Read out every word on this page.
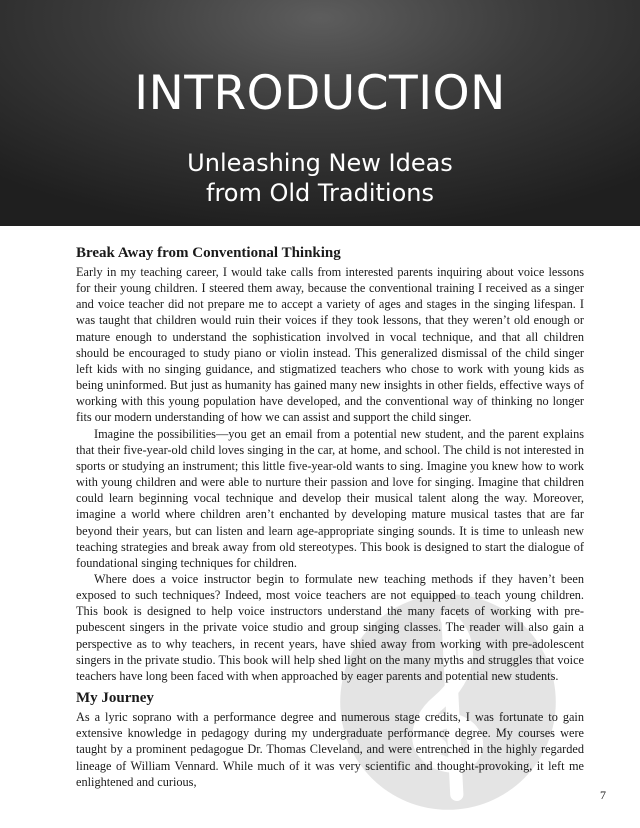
INTRODUCTION
Unleashing New Ideas
from Old Traditions
Break Away from Conventional Thinking

Early in my teaching career, I would take calls from interested parents inquiring about voice lessons for their young children. I steered them away, because the conventional training I received as a singer and voice teacher did not prepare me to accept a variety of ages and stages in the singing lifespan. I was taught that children would ruin their voices if they took lessons, that they weren’t old enough or mature enough to understand the sophistication involved in vocal technique, and that all children should be encouraged to study piano or violin instead. This generalized dismissal of the child singer left kids with no singing guidance, and stigmatized teachers who chose to work with young kids as being uninformed. But just as humanity has gained many new insights in other fields, effective ways of working with this young population have developed, and the conventional way of thinking no longer fits our modern understanding of how we can assist and support the child singer.

Imagine the possibilities—you get an email from a potential new student, and the parent explains that their five-year-old child loves singing in the car, at home, and school. The child is not interested in sports or studying an instrument; this little five-year-old wants to sing. Imagine you knew how to work with young children and were able to nurture their passion and love for singing. Imagine that children could learn beginning vocal technique and develop their musical talent along the way. Moreover, imagine a world where children aren’t enchanted by developing mature musical tastes that are far beyond their years, but can listen and learn age-appropriate singing sounds. It is time to unleash new teaching strategies and break away from old stereotypes. This book is designed to start the dialogue of foundational singing techniques for children.

Where does a voice instructor begin to formulate new teaching methods if they haven’t been exposed to such techniques? Indeed, most voice teachers are not equipped to teach young children. This book is designed to help voice instructors understand the many facets of working with pre-pubescent singers in the private voice studio and group singing classes. The reader will also gain a perspective as to why teachers, in recent years, have shied away from working with pre-adolescent singers in the private studio. This book will help shed light on the many myths and struggles that voice teachers have long been faced with when approached by eager parents and potential new students.

My Journey

As a lyric soprano with a performance degree and numerous stage credits, I was fortunate to gain extensive knowledge in pedagogy during my undergraduate performance degree. My courses were taught by a prominent pedagogue Dr. Thomas Cleveland, and were entrenched in the highly regarded lineage of William Vennard. While much of it was very scientific and thought-provoking, it left me enlightened and curious,

7
